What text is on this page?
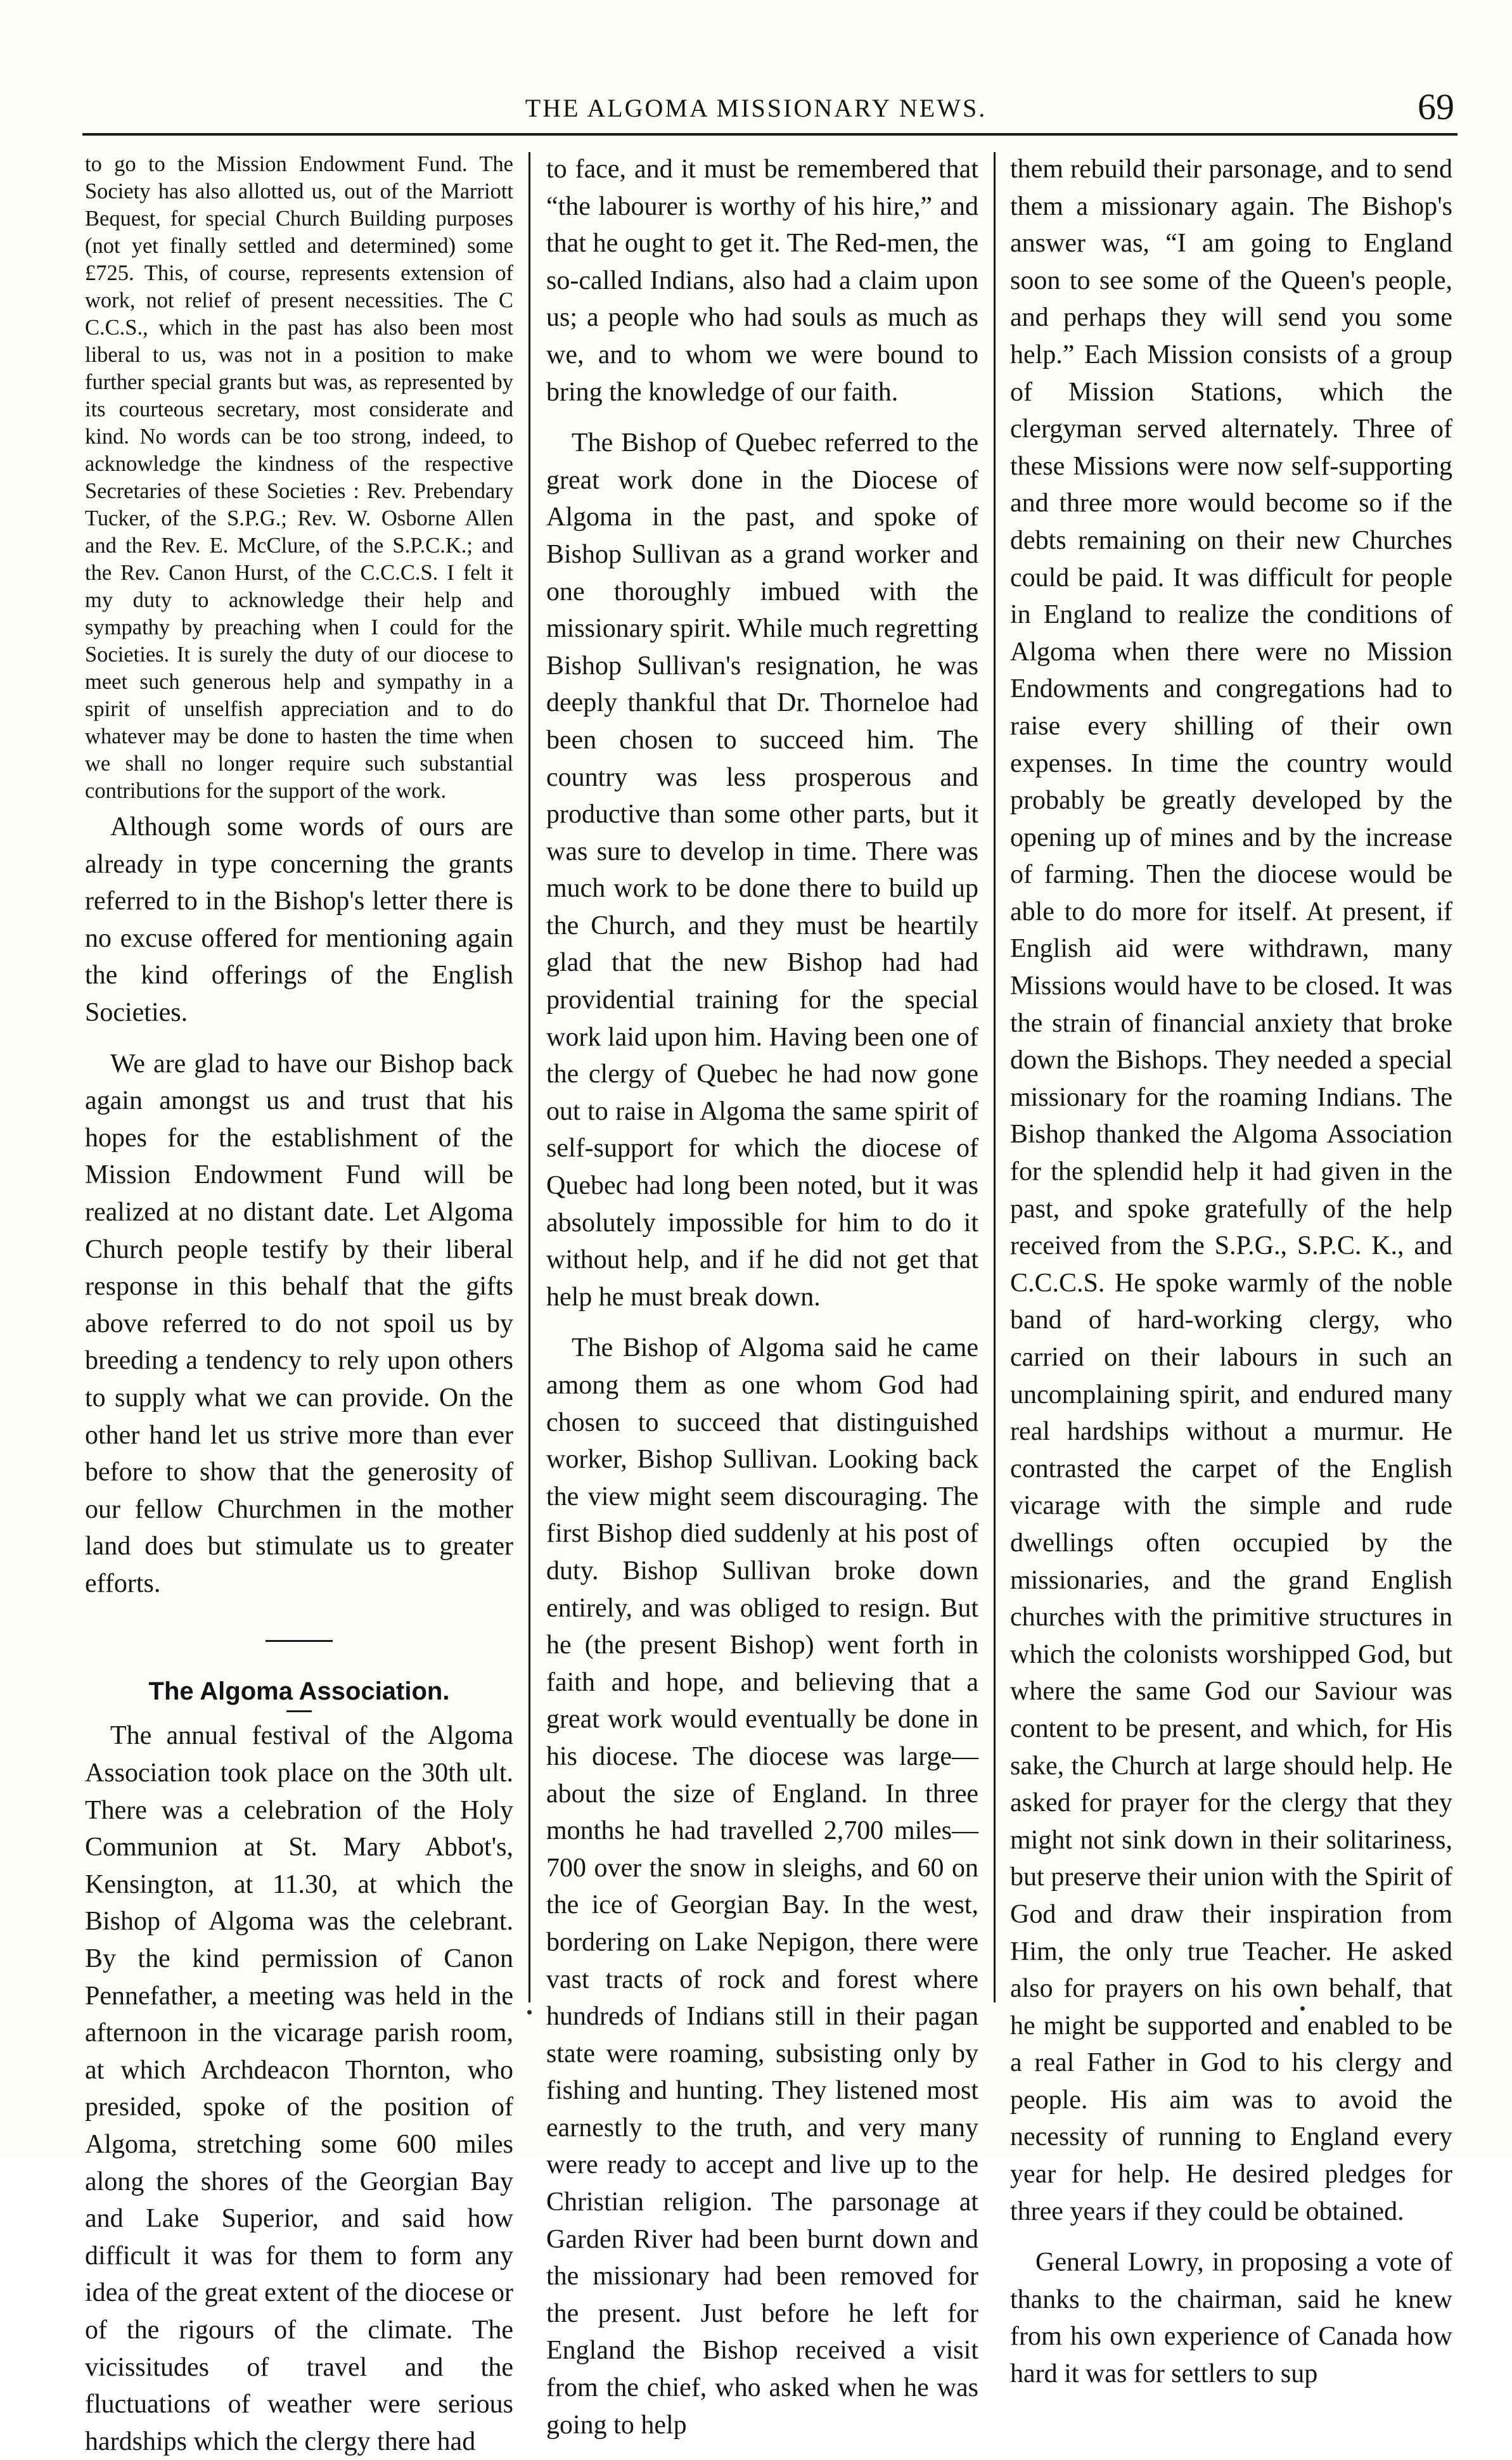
THE ALGOMA MISSIONARY NEWS.	69

to go to the Mission Endowment Fund. The Society has also allotted us, out of the Marriott Bequest, for special Church Building purposes (not yet finally settled and determined) some £725. This, of course, represents extension of work, not relief of present necessities. The C C.C.S., which in the past has also been most liberal to us, was not in a position to make further special grants but was, as represented by its courteous secretary, most considerate and kind. No words can be too strong, indeed, to acknowledge the kindness of the respective Secretaries of these Societies : Rev. Prebendary Tucker, of the S.P.G.; Rev. W. Osborne Allen and the Rev. E. McClure, of the S.P.C.K.; and the Rev. Canon Hurst, of the C.C.C.S. I felt it my duty to acknowledge their help and sympathy by preaching when I could for the Societies. It is surely the duty of our diocese to meet such generous help and sympathy in a spirit of unselfish appreciation and to do whatever may be done to hasten the time when we shall no longer require such substantial contributions for the support of the work.

Although some words of ours are already in type concerning the grants referred to in the Bishop's letter there is no excuse offered for mentioning again the kind offerings of the English Societies.

We are glad to have our Bishop back again amongst us and trust that his hopes for the establishment of the Mission Endowment Fund will be realized at no distant date. Let Algoma Church people testify by their liberal response in this behalf that the gifts above referred to do not spoil us by breeding a tendency to rely upon others to supply what we can provide. On the other hand let us strive more than ever before to show that the generosity of our fellow Churchmen in the mother land does but stimulate us to greater efforts.

The Algoma Association.

The annual festival of the Algoma Association took place on the 30th ult. There was a celebration of the Holy Communion at St. Mary Abbot's, Kensington, at 11.30, at which the Bishop of Algoma was the celebrant. By the kind permission of Canon Pennefather, a meeting was held in the afternoon in the vicarage parish room, at which Archdeacon Thornton, who presided, spoke of the position of Algoma, stretching some 600 miles along the shores of the Georgian Bay and Lake Superior, and said how difficult it was for them to form any idea of the great extent of the diocese or of the rigours of the climate. The vicissitudes of travel and the fluctuations of weather were serious hardships which the clergy there had

to face, and it must be remembered that “the labourer is worthy of his hire,” and that he ought to get it. The Red-men, the so-called Indians, also had a claim upon us; a people who had souls as much as we, and to whom we were bound to bring the knowledge of our faith.

The Bishop of Quebec referred to the great work done in the Diocese of Algoma in the past, and spoke of Bishop Sullivan as a grand worker and one thoroughly imbued with the missionary spirit. While much regretting Bishop Sullivan's resignation, he was deeply thankful that Dr. Thorneloe had been chosen to succeed him. The country was less prosperous and productive than some other parts, but it was sure to develop in time. There was much work to be done there to build up the Church, and they must be heartily glad that the new Bishop had had providential training for the special work laid upon him. Having been one of the clergy of Quebec he had now gone out to raise in Algoma the same spirit of self-support for which the diocese of Quebec had long been noted, but it was absolutely impossible for him to do it without help, and if he did not get that help he must break down.

The Bishop of Algoma said he came among them as one whom God had chosen to succeed that distinguished worker, Bishop Sullivan. Looking back the view might seem discouraging. The first Bishop died suddenly at his post of duty. Bishop Sullivan broke down entirely, and was obliged to resign. But he (the present Bishop) went forth in faith and hope, and believing that a great work would eventually be done in his diocese. The diocese was large—about the size of England. In three months he had travelled 2,700 miles—700 over the snow in sleighs, and 60 on the ice of Georgian Bay. In the west, bordering on Lake Nepigon, there were vast tracts of rock and forest where hundreds of Indians still in their pagan state were roaming, subsisting only by fishing and hunting. They listened most earnestly to the truth, and very many were ready to accept and live up to the Christian religion. The parsonage at Garden River had been burnt down and the missionary had been removed for the present. Just before he left for England the Bishop received a visit from the chief, who asked when he was going to help

them rebuild their parsonage, and to send them a missionary again. The Bishop's answer was, “I am going to England soon to see some of the Queen's people, and perhaps they will send you some help.” Each Mission consists of a group of Mission Stations, which the clergyman served alternately. Three of these Missions were now self-supporting and three more would become so if the debts remaining on their new Churches could be paid. It was difficult for people in England to realize the conditions of Algoma when there were no Mission Endowments and congregations had to raise every shilling of their own expenses. In time the country would probably be greatly developed by the opening up of mines and by the increase of farming. Then the diocese would be able to do more for itself. At present, if English aid were withdrawn, many Missions would have to be closed. It was the strain of financial anxiety that broke down the Bishops. They needed a special missionary for the roaming Indians. The Bishop thanked the Algoma Association for the splendid help it had given in the past, and spoke gratefully of the help received from the S.P.G., S.P.C. K., and C.C.C.S. He spoke warmly of the noble band of hard-working clergy, who carried on their labours in such an uncomplaining spirit, and endured many real hardships without a murmur. He contrasted the carpet of the English vicarage with the simple and rude dwellings often occupied by the missionaries, and the grand English churches with the primitive structures in which the colonists worshipped God, but where the same God our Saviour was content to be present, and which, for His sake, the Church at large should help. He asked for prayer for the clergy that they might not sink down in their solitariness, but preserve their union with the Spirit of God and draw their inspiration from Him, the only true Teacher. He asked also for prayers on his own behalf, that he might be supported and enabled to be a real Father in God to his clergy and people. His aim was to avoid the necessity of running to England every year for help. He desired pledges for three years if they could be obtained.

General Lowry, in proposing a vote of thanks to the chairman, said he knew from his own experience of Canada how hard it was for settlers to sup
